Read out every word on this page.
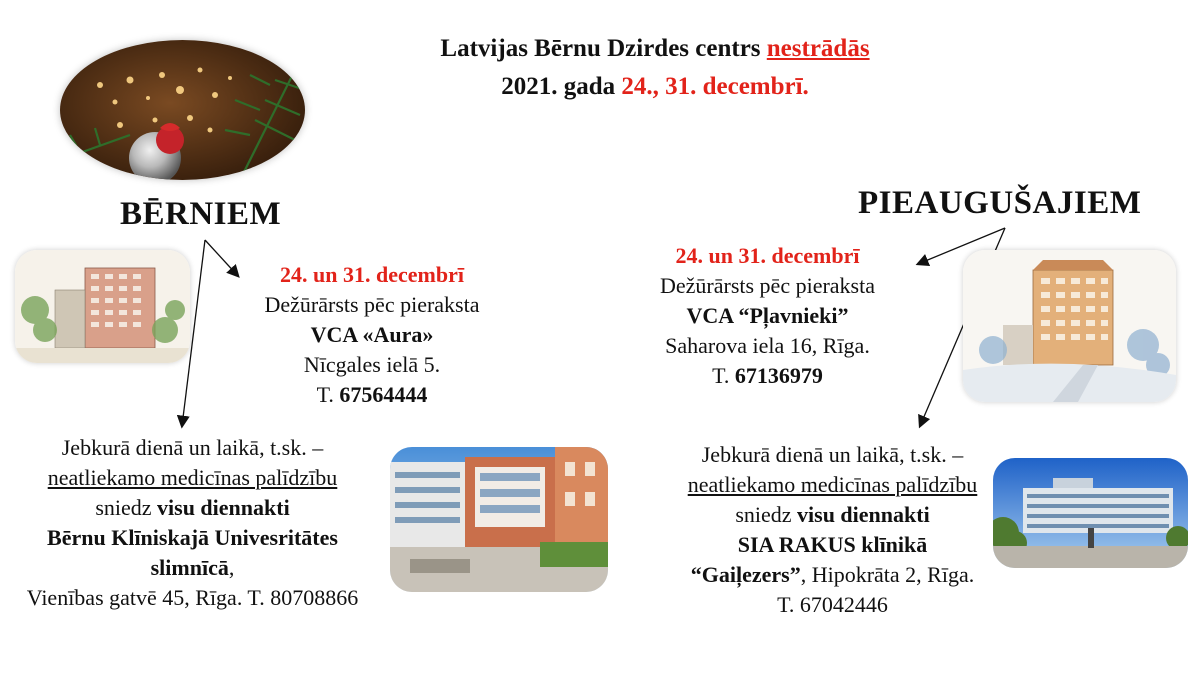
Latvijas Bērnu Dzirdes centrs nestrādās
2021. gada 24., 31. decembrī.
BĒRNIEM
24. un 31. decembrī
Dežūrārsts pēc pieraksta
VCA «Aura»
Nīcgales ielā 5.
T. 67564444
Jebkurā dienā un laikā, t.sk. –
neatliekamo medicīnas palīdzību
sniedz visu diennakti
Bērnu Klīniskajā Univesritātes
slimnīcā,
Vienības gatvē 45, Rīga. T. 80708866
PIEAUGUŠAJIEM
24. un 31. decembrī
Dežūrārsts pēc pieraksta
VCA “Pļavnieki”
Saharova iela 16, Rīga.
T. 67136979
Jebkurā dienā un laikā, t.sk. –
neatliekamo medicīnas palīdzību
sniedz visu diennakti
SIA RAKUS klīnikā
“Gaiļezers”, Hipokrāta 2, Rīga.
T. 67042446
